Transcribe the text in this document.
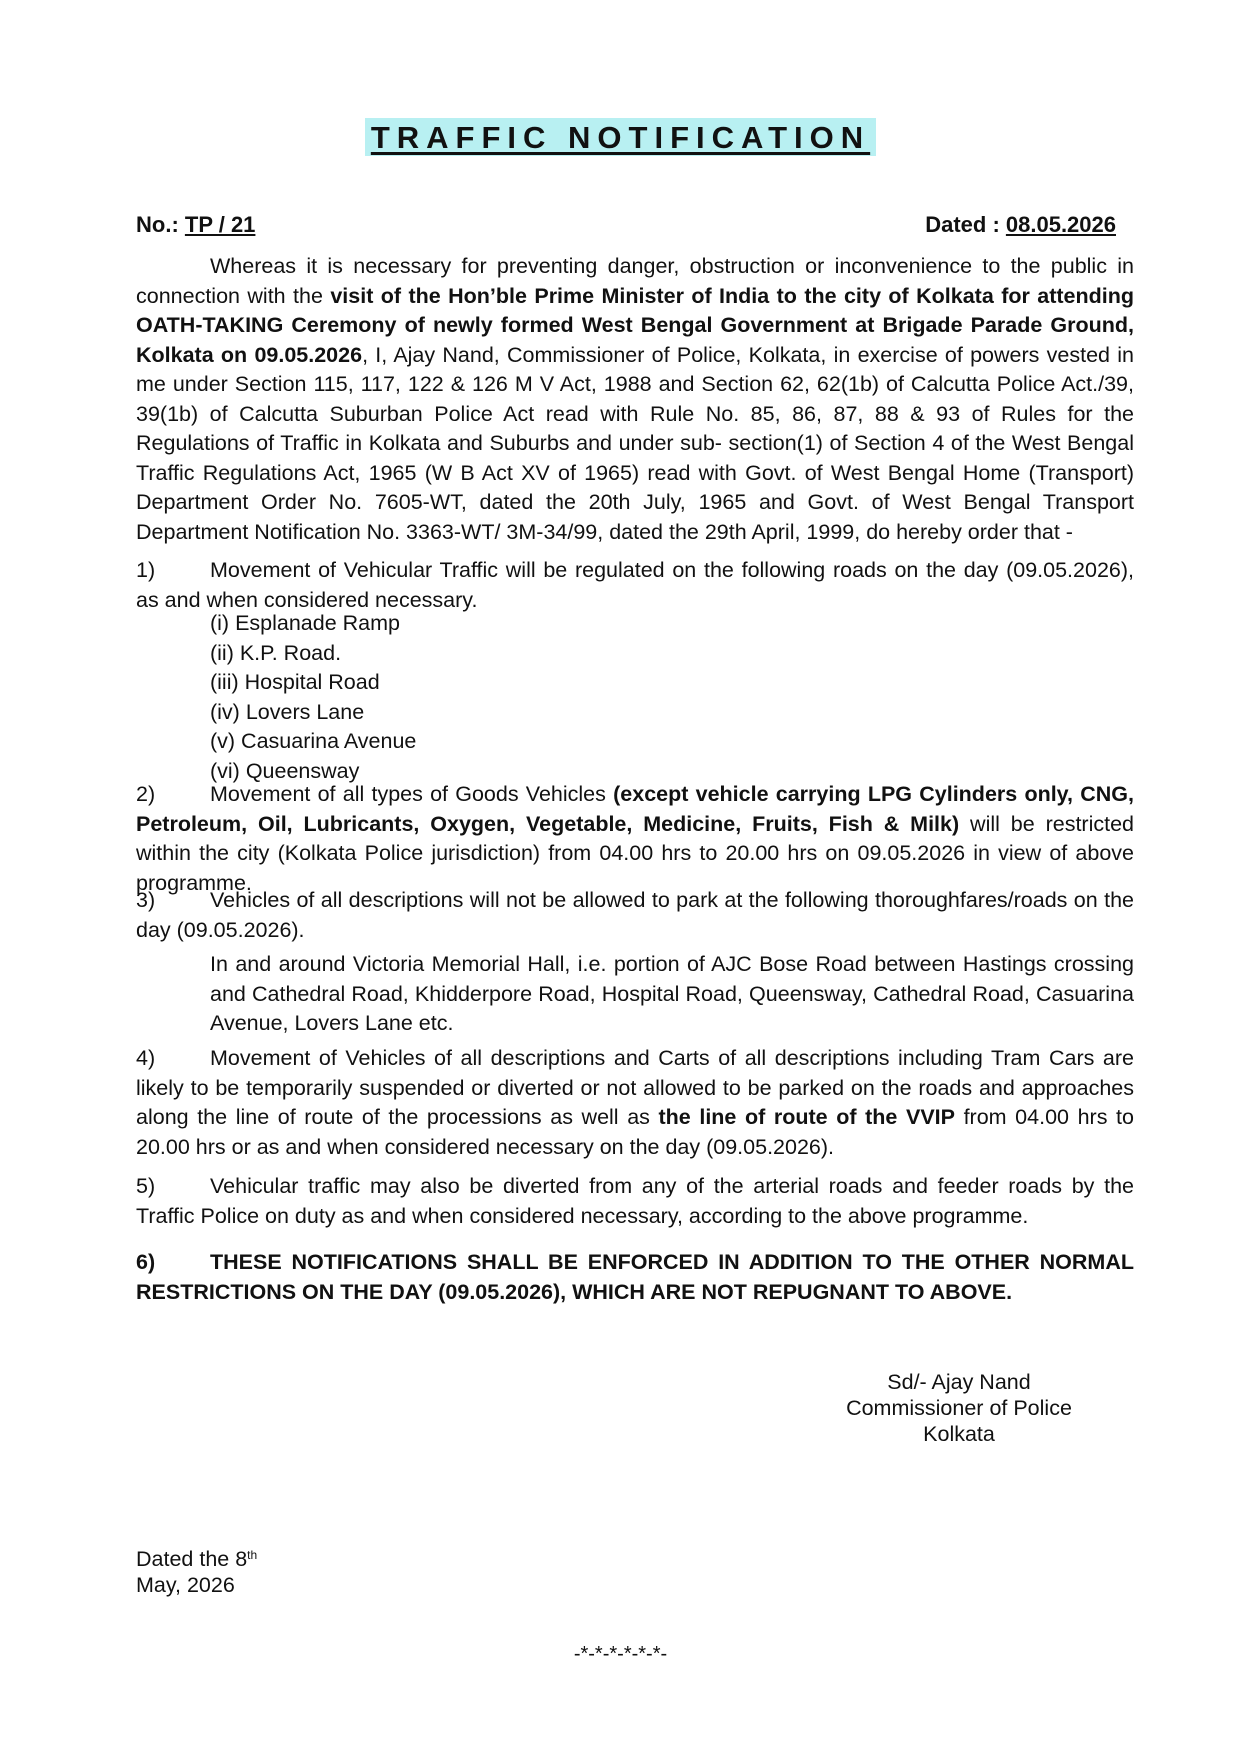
TRAFFIC NOTIFICATION
No.: TP / 21	Dated : 08.05.2026
Whereas it is necessary for preventing danger, obstruction or inconvenience to the public in connection with the visit of the Hon’ble Prime Minister of India to the city of Kolkata for attending OATH-TAKING Ceremony of newly formed West Bengal Government at Brigade Parade Ground, Kolkata on 09.05.2026, I, Ajay Nand, Commissioner of Police, Kolkata, in exercise of powers vested in me under Section 115, 117, 122 & 126 M V Act, 1988 and Section 62, 62(1b) of Calcutta Police Act./39, 39(1b) of Calcutta Suburban Police Act read with Rule No. 85, 86, 87, 88 & 93 of Rules for the Regulations of Traffic in Kolkata and Suburbs and under sub- section(1) of Section 4 of the West Bengal Traffic Regulations Act, 1965 (W B Act XV of 1965) read with Govt. of West Bengal Home (Transport) Department Order No. 7605-WT, dated the 20th July, 1965 and Govt. of West Bengal Transport Department Notification No. 3363-WT/ 3M-34/99, dated the 29th April, 1999, do hereby order that -
1)	Movement of Vehicular Traffic will be regulated on the following roads on the day (09.05.2026), as and when considered necessary.
(i) Esplanade Ramp
(ii) K.P. Road.
(iii) Hospital Road
(iv) Lovers Lane
(v) Casuarina Avenue
(vi) Queensway
2)	Movement of all types of Goods Vehicles (except vehicle carrying LPG Cylinders only, CNG, Petroleum, Oil, Lubricants, Oxygen, Vegetable, Medicine, Fruits, Fish & Milk) will be restricted within the city (Kolkata Police jurisdiction) from 04.00 hrs to 20.00 hrs on 09.05.2026 in view of above programme.
3)	Vehicles of all descriptions will not be allowed to park at the following thoroughfares/roads on the day (09.05.2026).
In and around Victoria Memorial Hall, i.e. portion of AJC Bose Road between Hastings crossing and Cathedral Road, Khidderpore Road, Hospital Road, Queensway, Cathedral Road, Casuarina Avenue, Lovers Lane etc.
4)	Movement of Vehicles of all descriptions and Carts of all descriptions including Tram Cars are likely to be temporarily suspended or diverted or not allowed to be parked on the roads and approaches along the line of route of the processions as well as the line of route of the VVIP from 04.00 hrs to 20.00 hrs or as and when considered necessary on the day (09.05.2026).
5)	Vehicular traffic may also be diverted from any of the arterial roads and feeder roads by the Traffic Police on duty as and when considered necessary, according to the above programme.
6)	THESE NOTIFICATIONS SHALL BE ENFORCED IN ADDITION TO THE OTHER NORMAL RESTRICTIONS ON THE DAY (09.05.2026), WHICH ARE NOT REPUGNANT TO ABOVE.
Sd/- Ajay Nand
Commissioner of Police
Kolkata
Dated the 8th
May, 2026
-*-*-*-*-*-*-
